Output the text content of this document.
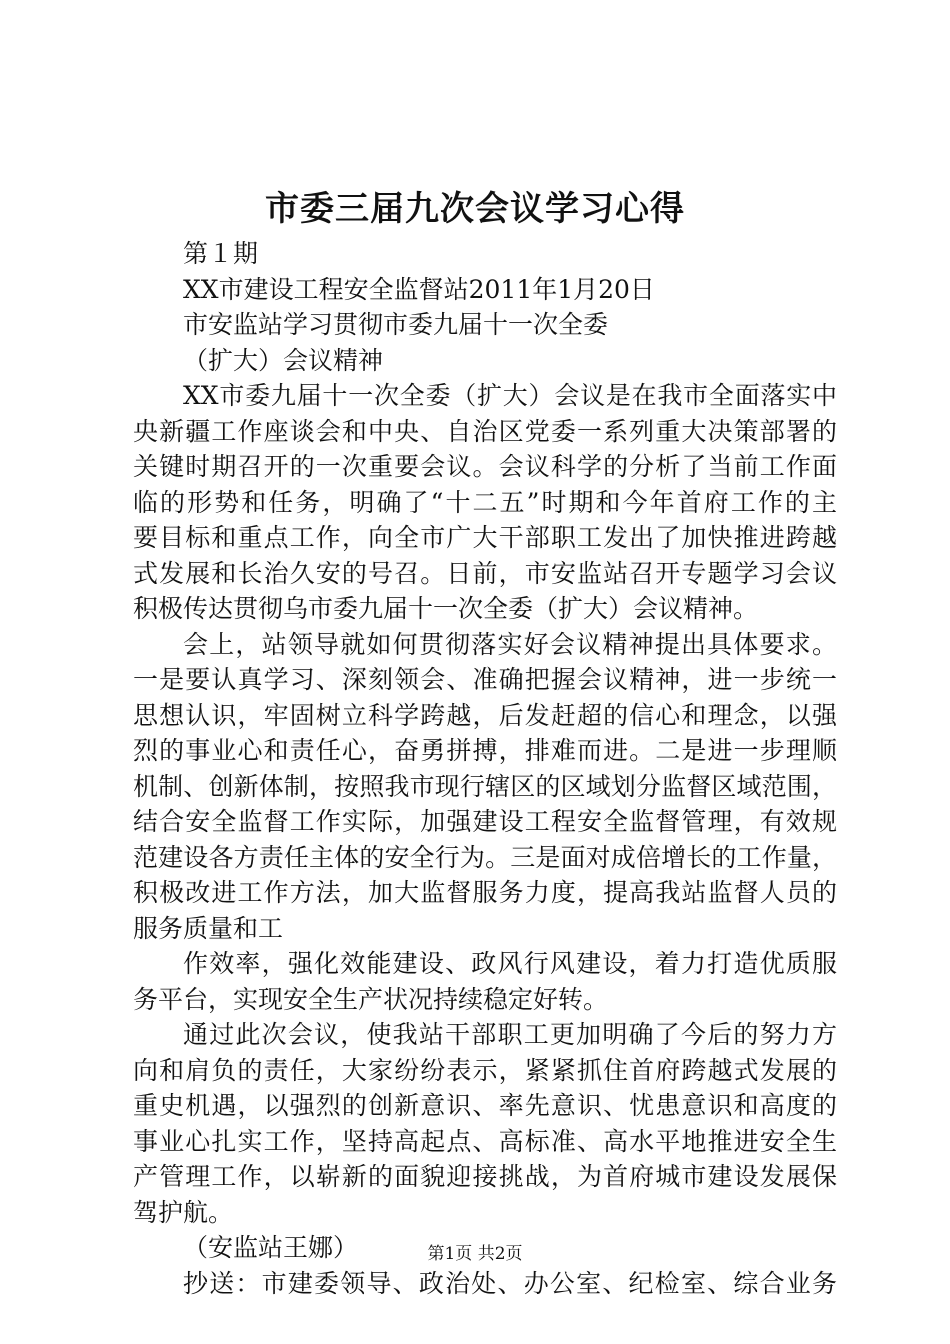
市委三届九次会议学习心得
第１期
XX市建设工程安全监督站2011年1月20日
市安监站学习贯彻市委九届十一次全委
（扩大）会议精神
XX市委九届十一次全委（扩大）会议是在我市全面落实中
央新疆工作座谈会和中央、自治区党委一系列重大决策部署的
关键时期召开的一次重要会议。会议科学的分析了当前工作面
临的形势和任务，明确了“十二五”时期和今年首府工作的主
要目标和重点工作，向全市广大干部职工发出了加快推进跨越
式发展和长治久安的号召。日前，市安监站召开专题学习会议
积极传达贯彻乌市委九届十一次全委（扩大）会议精神。
会上，站领导就如何贯彻落实好会议精神提出具体要求。
一是要认真学习、深刻领会、准确把握会议精神，进一步统一
思想认识，牢固树立科学跨越，后发赶超的信心和理念，以强
烈的事业心和责任心，奋勇拼搏，排难而进。二是进一步理顺
机制、创新体制，按照我市现行辖区的区域划分监督区域范围，
结合安全监督工作实际，加强建设工程安全监督管理，有效规
范建设各方责任主体的安全行为。三是面对成倍增长的工作量，
积极改进工作方法，加大监督服务力度，提高我站监督人员的
服务质量和工
作效率，强化效能建设、政风行风建设，着力打造优质服
务平台，实现安全生产状况持续稳定好转。
通过此次会议，使我站干部职工更加明确了今后的努力方
向和肩负的责任，大家纷纷表示，紧紧抓住首府跨越式发展的
重史机遇，以强烈的创新意识、率先意识、忧患意识和高度的
事业心扎实工作，坚持高起点、高标准、高水平地推进安全生
产管理工作，以崭新的面貌迎接挑战，为首府城市建设发展保
驾护航。
（安监站王娜）
抄送：市建委领导、政治处、办公室、纪检室、综合业务
第1页 共2页
